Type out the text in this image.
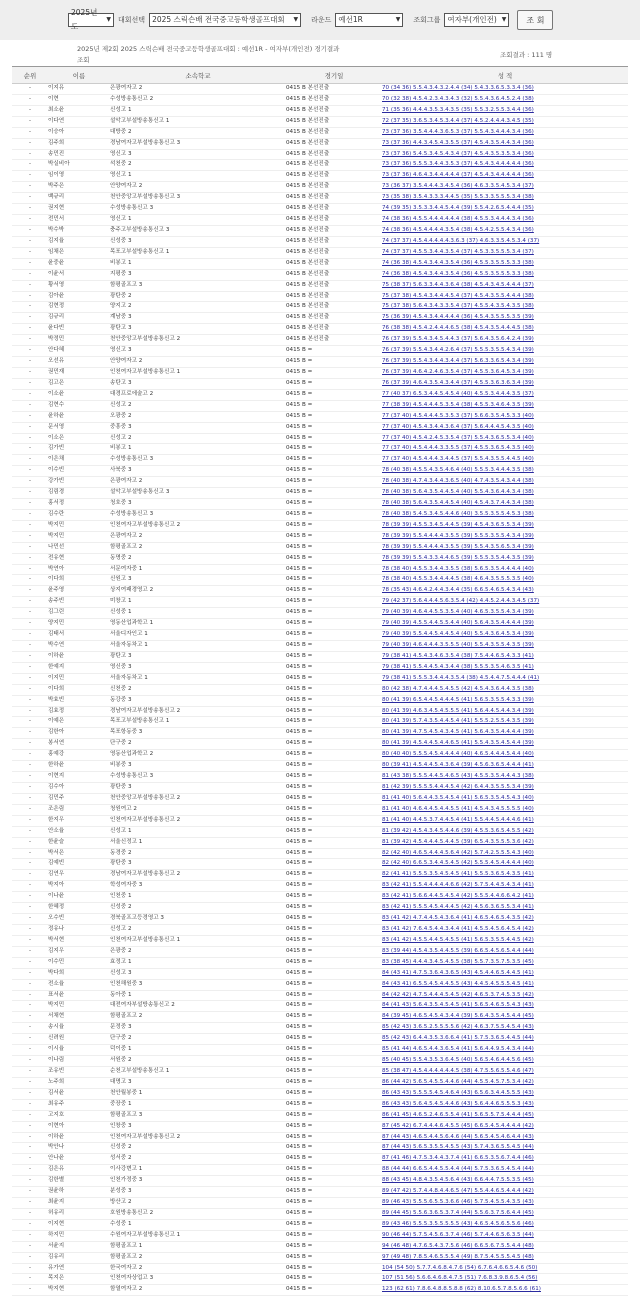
2025년도
▼ 대회선택 2025 스릭슨배 전국중고등학생골프대회 ▼ 라운드 예선1R	▼ 조회그룹 여자부(개인전) ▼	조 회
2025년 제2회 2025 스릭슨배 전국중고등학생골프대회 : 예선1R - 여자부(개인전) 경기결과
조회
조회결과 : 111 명
순위	이름	소속학교	경기일	성 적
-	이지유	은광여자고 2	0415 B 본선진출	70 (34 36) 5.5.4.3.4.3.2.4.4 (34) 5.4.3.3.6.5.3.3.4 (36)
-	이현	수성방송통신고 2	0415 B 본선진출	70 (32 38) 4.5.4.2.3.4.3.4.3 (32) 5.5.4.3.6.4.5.2.4 (38)
-	최소윤	신성고 1	0415 B 본선진출	71 (35 36) 4.4.4.3.5.3.4.3.5 (35) 5.5.3.2.5.5.3.4.4 (36)
-	이다연	설악고부설방송통신고 1	0415 B 본선진출	72 (37 35) 3.6.5.3.4.5.3.4.4 (37) 4.5.2.4.4.4.3.4.5 (35)
-	이승아	대방중 2	0415 B 본선진출	73 (37 36) 3.5.4.4.4.3.6.5.3 (37) 5.5.4.3.4.4.4.3.4 (36)
-	김주희	경남여자고부설방송통신고 3	0415 B 본선진출	73 (37 36) 4.4.3.4.5.4.3.5.5 (37) 4.5.4.3.5.4.4.3.4 (36)
-	송민진	영신고 3	0415 B 본선진출	73 (37 36) 5.4.5.3.4.5.4.3.4 (37) 4.5.4.3.5.3.5.3.4 (36)
-	박실비아	석천중 2	0415 B 본선진출	73 (37 36) 5.5.5.3.4.4.3.5.3 (37) 4.5.4.3.4.4.4.4.4 (36)
-	임이영	영신고 1	0415 B 본선진출	73 (37 36) 4.6.4.3.4.4.4.4.4 (37) 4.5.4.3.4.4.4.4.4 (36)
-	박주은	안양여자고 2	0415 B 본선진출	73 (36 37) 3.5.4.4.4.3.4.5.4 (36) 4.6.3.3.5.4.5.3.4 (37)
-	백규리	천안중앙고부설방송통신고 3	0415 B 본선진출	73 (35 38) 3.5.4.3.3.3.4.4.5 (35) 5.5.3.3.5.5.5.3.4 (38)
-	권지현	수성방송통신고 3	0415 B 본선진출	74 (39 35) 3.5.3.3.4.4.5.4.4 (39) 5.5.4.2.6.5.4.4.4 (35)
-	전민서	영신고 1	0415 B 본선진출	74 (38 36) 4.5.5.4.4.4.4.4.4 (38) 4.5.5.3.4.4.4.3.4 (36)
-	박수박	충주고부설방송통신고 3	0415 B 본선진출	74 (38 36) 4.5.4.4.4.4.3.5.4 (38) 4.5.4.2.5.5.4.3.4 (36)
-	김지율	신성중 3	0415 B 본선진출	74 (37 37) 4.5.4.4.4.4.4.3.6.3 (37) 4.6.3.3.5.4.5.3.4 (37)
-	임채은	목포고부설방송통신고 1	0415 B 본선진출	74 (37 37) 4.5.5.3.4.4.3.5.4 (37) 4.5.3.3.5.5.5.3.4 (37)
-	윤중윤	비봉고 1	0415 B 본선진출	74 (36 38) 4.5.4.3.4.4.3.5.4 (36) 4.5.5.3.5.5.5.3.3 (38)
-	이윤서	지평중 3	0415 B 본선진출	74 (36 38) 4.5.4.3.4.4.3.5.4 (36) 4.5.5.3.5.5.5.3.3 (38)
-	황서영	함평골프고 3	0415 B 본선진출	75 (38 37) 5.6.3.3.4.4.3.6.4 (38) 4.5.4.3.4.5.4.4.4 (37)
-	김아윤	광탄중 2	0415 B 본선진출	75 (37 38) 4.5.4.3.4.4.4.5.4 (37) 4.5.4.3.5.5.4.4.4 (38)
-	김현정	양지고 2	0415 B 본선진출	75 (37 38) 5.6.4.3.4.3.3.5.4 (37) 4.5.5.4.3.5.4.3.5 (38)
-	김규리	계남중 3	0415 B 본선진출	75 (36 39) 4.5.4.3.4.4.4.4.4 (36) 4.5.4.3.5.5.5.3.5 (39)
-	윤다빈	광탄고 3	0415 B 본선진출	76 (38 38) 4.5.4.2.4.4.4.6.5 (38) 4.5.4.3.5.4.4.4.5 (38)
-	박정민	천안중앙고부설방송통신고 2	0415 B 본선진출	76 (37 39) 5.5.4.3.4.5.4.4.3 (37) 5.6.4.3.5.6.4.2.4 (39)
-	안다혜	영신고 3	0415 B =	76 (37 39) 5.5.4.3.4.4.2.6.4 (37) 5.5.5.3.5.5.4.3.4 (39)
-	오선유	안양여자고 2	0415 B =	76 (37 39) 5.5.4.3.4.4.3.4.4 (37) 5.6.3.3.6.5.4.3.4 (39)
-	권민재	인천여자고부설방송통신고 1	0415 B =	76 (37 39) 4.6.4.2.4.6.3.5.4 (37) 4.5.5.3.6.4.5.3.4 (39)
-	김고은	송탄고 3	0415 B =	76 (37 39) 4.6.4.3.5.4.3.4.4 (37) 4.5.5.3.6.3.6.3.4 (39)
-	이소윤	대경프로에술고 2	0415 B =	77 (40 37) 6.5.3.4.4.5.4.5.4 (40) 4.5.5.3.4.4.4.3.5 (37)
-	김현수	신성고 2	0415 B =	77 (38 39) 4.5.4.4.4.5.3.5.4 (38) 4.5.5.3.4.6.4.3.5 (39)
-	윤하윤	오광중 2	0415 B =	77 (37 40) 4.5.4.4.4.5.3.5.3 (37) 5.6.6.3.5.4.5.3.3 (40)
-	문서영	중흥중 3	0415 B =	77 (37 40) 4.5.4.3.4.4.3.6.4 (37) 5.6.4.4.4.5.4.3.5 (40)
-	이소은	신성고 2	0415 B =	77 (37 40) 4.5.4.2.4.5.3.5.4 (37) 5.5.4.3.6.5.5.3.4 (40)
-	김가빈	비봉고 1	0415 B =	77 (37 40) 4.5.4.4.4.3.3.5.5 (37) 4.5.5.3.6.5.4.3.5 (40)
-	이은채	수성방송통신고 3	0415 B =	77 (37 40) 4.5.4.4.4.3.4.4.5 (37) 5.5.4.3.5.5.4.4.5 (40)
-	이수빈	사북중 3	0415 B =	78 (40 38) 4.5.5.4.3.5.4.6.4 (40) 5.5.5.3.4.4.4.3.5 (38)
-	강가빈	은광여자고 2	0415 B =	78 (40 38) 4.7.4.3.4.4.3.6.5 (40) 4.7.4.3.5.4.3.4.4 (38)
-	김림경	설악고부설방송통신고 3	0415 B =	78 (40 38) 5.6.4.3.5.4.4.5.4 (40) 5.5.4.3.6.4.4.3.4 (38)
-	홍서정	청호중 3	0415 B =	78 (40 38) 5.6.4.3.5.4.4.5.4 (40) 4.5.4.3.7.4.4.3.4 (38)
-	김수란	수성방송통신고 3	0415 B =	78 (40 38) 5.4.5.3.4.5.4.4.6 (40) 3.5.5.3.5.5.4.5.3 (38)
-	박지민	인천여자고부설방송통신고 2	0415 B =	78 (39 39) 4.5.5.3.4.5.4.4.5 (39) 4.5.4.3.6.5.5.3.4 (39)
-	박지민	은광여자고 2	0415 B =	78 (39 39) 5.5.4.4.4.4.3.5.5 (39) 5.5.5.3.5.5.4.3.4 (39)
-	나민선	함평골프고 2	0415 B =	78 (39 39) 5.5.4.4.4.4.3.5.5 (39) 5.5.4.3.5.6.5.3.4 (39)
-	전유현	동명중 2	0415 B =	78 (39 39) 5.5.4.3.3.4.4.6.5 (39) 5.5.5.3.5.4.4.3.5 (39)
-	박연아	서문여자중 1	0415 B =	78 (38 40) 4.5.5.3.4.4.3.5.5 (38) 5.6.5.3.5.4.4.4.4 (40)
-	이다희	신원고 3	0415 B =	78 (38 40) 4.5.5.3.4.4.4.4.5 (38) 4.6.4.3.5.5.5.3.5 (40)
-	윤주영	상지여패경영고 2	0415 B =	78 (35 43) 4.6.4.2.4.4.3.4.4 (35) 6.6.5.4.6.5.4.3.4 (43)
-	송주빈	미창고 1	0415 B =	79 (42 37) 5.6.4.4.4.5.6.3.5.4 (42) 4.4.5.2.4.4.3.4.5 (37)
-	김그린	신성중 1	0415 B =	79 (40 39) 4.6.4.4.5.5.3.5.4 (40) 4.6.5.3.5.5.4.3.4 (39)
-	양지민	영동산업과학고 1	0415 B =	79 (40 39) 4.5.5.4.4.5.5.4.4 (40) 5.6.4.3.5.4.4.4.4 (39)
-	김태서	서울디자인고 1	0415 B =	79 (40 39) 5.5.4.4.5.4.4.5.4 (40) 5.5.4.3.6.4.5.3.4 (39)
-	박수연	서울자동차고 1	0415 B =	79 (40 39) 4.6.4.4.4.3.5.5.5 (40) 5.5.4.3.5.5.4.3.5 (39)
-	이하윤	광탄고 3	0415 B =	79 (38 41) 4.5.4.3.4.6.3.5.4 (38) 7.5.4.4.6.5.4.3.3 (41)
-	한예지	영신중 3	0415 B =	79 (38 41) 5.5.4.4.5.4.3.4.4 (38) 5.5.5.3.5.4.6.3.5 (41)
-	이지민	서울자동차고 1	0415 B =	79 (38 41) 5.5.5.3.4.4.4.3.5.4 (38) 4.5.4.4.7.5.4.4.4 (41)
-	이다희	신천중 2	0415 B =	80 (42 38) 4.7.4.4.4.5.4.5.5 (42) 4.5.4.3.6.4.4.3.5 (38)
-	박효빈	동강중 3	0415 B =	80 (41 39) 6.5.4.4.5.4.4.4.5 (41) 5.6.5.3.5.5.4.3.3 (39)
-	김효정	경남여자고부설방송통신고 2	0415 B =	80 (41 39) 4.6.3.4.5.4.5.5.5 (41) 5.6.4.4.5.4.4.3.4 (39)
-	이예은	목포고부설방송통신고 1	0415 B =	80 (41 39) 5.7.4.3.5.4.4.5.4 (41) 5.5.5.2.5.5.4.3.5 (39)
-	김한아	목포항동중 3	0415 B =	80 (41 39) 4.7.5.4.5.4.3.4.5 (41) 5.6.4.3.5.4.4.4.4 (39)
-	봉서연	단구중 2	0415 B =	80 (41 39) 4.5.4.4.5.4.4.6.5 (41) 5.5.4.3.5.4.5.4.4 (39)
-	홍예강	영동산업과학고 2	0415 B =	80 (40 40) 5.5.5.4.5.4.4.4.4 (40) 4.6.5.4.4.4.5.4.4 (40)
-	한하윤	비봉중 3	0415 B =	80 (39 41) 4.5.4.4.5.4.3.6.4 (39) 4.5.6.3.6.5.4.4.4 (41)
-	이현지	수성방송통신고 3	0415 B =	81 (43 38) 5.5.5.4.4.5.4.6.5 (43) 4.5.5.3.5.4.4.4.3 (38)
-	김수아	광탄중 3	0415 B =	81 (42 39) 5.5.5.5.4.4.4.5.4 (42) 6.4.4.3.5.5.5.3.4 (39)
-	김민주	천안중앙고부설방송통신고 2	0415 B =	81 (41 40) 5.6.4.4.3.5.4.5.4 (41) 5.6.5.3.5.4.5.4.3 (40)
-	조은림	청원여고 2	0415 B =	81 (41 40) 4.6.4.4.5.4.4.5.5 (41) 4.5.4.3.4.5.5.5.5 (40)
-	한지우	인천여자고부설방송통신고 2	0415 B =	81 (41 40) 4.4.5.3.7.4.4.5.4 (41) 5.5.4.4.5.4.4.4.6 (41)
-	안소율	신성고 1	0415 B =	81 (39 42) 4.5.4.3.4.5.4.4.6 (39) 4.5.5.3.6.5.4.5.5 (42)
-	한윤슬	서울신정고 1	0415 B =	81 (39 42) 4.5.4.4.4.5.4.4.5 (39) 6.5.4.3.5.5.5.3.6 (42)
-	박서은	동경중 2	0415 B =	82 (42 40) 4.6.5.4.4.4.5.6.4 (42) 5.7.4.2.5.5.5.4.3 (40)
-	김예빈	광탄중 3	0415 B =	82 (42 40) 6.6.5.3.4.4.5.4.5 (42) 5.5.5.4.5.4.4.4.4 (40)
-	김연우	경남여자고부설방송통신고 2	0415 B =	82 (41 41) 5.5.5.3.5.4.5.4.5 (41) 5.5.5.3.6.5.4.3.5 (41)
-	박지아	학성여자중 3	0415 B =	83 (42 41) 5.5.4.4.4.4.4.6.6 (42) 5.7.5.4.4.5.4.3.4 (41)
-	이나윤	인천중 1	0415 B =	83 (42 41) 5.6.6.4.4.5.4.5.4 (42) 5.5.5.4.4.6.6.4.2 (41)
-	한혜정	신성중 2	0415 B =	83 (42 41) 5.5.5.4.5.4.4.4.5 (42) 4.5.6.3.6.5.5.3.4 (41)
-	오수빈	경북골프고등경영고 3	0415 B =	83 (41 42) 4.7.4.4.5.4.3.6.4 (41) 4.6.5.4.6.5.4.3.5 (42)
-	정유나	신성고 2	0415 B =	83 (41 42) 7.6.4.5.4.4.3.4.4 (41) 4.5.5.4.5.6.4.5.4 (42)
-	박서현	인천여자고부설방송통신고 1	0415 B =	83 (41 42) 4.5.5.4.4.5.4.5.5 (41) 5.6.5.3.5.5.4.4.5 (42)
-	김지우	은광중 2	0415 B =	83 (39 44) 4.5.4.3.5.4.4.5.5 (39) 6.6.5.4.5.6.5.4.4 (44)
-	이수민	효정고 1	0415 B =	83 (38 45) 4.4.4.3.4.5.4.5.5 (38) 5.5.7.3.5.7.5.3.5 (45)
-	박다희	신성고 3	0415 B =	84 (43 41) 4.7.5.3.6.4.3.6.5 (43) 4.5.4.4.6.5.4.4.5 (41)
-	전소율	인천해원중 3	0415 B =	84 (43 41) 6.5.5.4.5.4.4.5.5 (43) 4.4.5.4.5.5.5.4.5 (41)
-	표서윤	동아중 1	0415 B =	84 (42 42) 4.7.5.4.4.4.5.4.5 (42) 4.6.5.3.7.4.5.3.5 (42)
-	박지민	대전여자부설방송통신고 2	0415 B =	84 (41 43) 5.6.4.3.5.4.5.4.5 (41) 5.6.5.4.6.5.5.4.3 (43)
-	서채현	함평골프고 2	0415 B =	84 (39 45) 4.6.5.4.5.4.3.4.4 (39) 5.6.4.3.5.4.5.4.4 (45)
-	송시율	문정중 3	0415 B =	85 (42 43) 3.6.5.2.5.5.5.5.6 (42) 4.6.3.7.5.5.4.5.4 (43)
-	신려원	단구중 2	0415 B =	85 (42 43) 6.4.4.3.5.3.6.6.4 (41) 5.7.5.3.6.5.4.4.5 (44)
-	이시율	덕이중 1	0415 B =	85 (41 44) 4.6.5.4.4.3.6.5.4 (41) 5.6.4.4.9.5.4.3.4 (44)
-	이나림	서원중 2	0415 B =	85 (40 45) 5.5.4.3.5.3.6.4.5 (40) 5.6.5.4.6.4.4.5.6 (45)
-	조유빈	순천고부설방송통신고 1	0415 B =	85 (38 47) 4.5.4.4.4.4.4.4.5 (38) 4.7.5.5.6.5.5.4.6 (47)
-	노주희	대명고 3	0415 B =	86 (44 42) 5.6.5.4.5.5.4.4.6 (44) 4.5.5.4.5.7.5.3.4 (42)
-	김서윤	천안월봉중 1	0415 B =	86 (43 43) 5.5.5.5.4.5.4.6.4 (43) 6.5.6.3.4.4.5.5.5 (43)
-	최유주	중장중 1	0415 B =	86 (43 43) 5.6.4.5.4.5.4.4.6 (43) 5.6.4.4.6.5.5.5.3 (43)
-	고지호	함평골프고 3	0415 B =	86 (41 45) 4.6.5.2.4.6.5.5.4 (41) 5.6.5.5.7.5.4.4.4 (45)
-	이현아	인창중 3	0415 B =	87 (45 42) 6.7.4.4.4.6.4.5.5 (45) 6.6.5.4.5.4.4.4.4 (42)
-	이하윤	인천여자고부설방송통신고 2	0415 B =	87 (44 43) 4.6.5.4.4.5.6.4.6 (44) 5.6.5.4.5.4.6.4.4 (43)
-	박안나	신성중 2	0415 B =	87 (44 43) 5.6.5.3.5.5.4.5.5 (43) 5.7.4.3.6.5.5.4.5 (44)
-	안나윤	성서중 2	0415 B =	87 (41 46) 4.7.5.3.4.4.3.7.4 (41) 6.6.5.3.5.6.7.4.4 (46)
-	김은유	이사강변고 1	0415 B =	88 (44 44) 6.6.5.4.4.5.5.4.4 (44) 5.7.5.3.6.5.4.5.4 (44)
-	김한별	인천가정중 3	0415 B =	88 (43 45) 4.8.4.3.5.4.5.6.4 (43) 6.6.4.4.7.5.5.3.5 (45)
-	권윤하	분성중 3	0415 B =	89 (47 42) 5.7.4.4.8.4.4.6.5 (47) 5.5.4.4.6.5.4.4.4 (42)
-	최윤지	방산고 2	0415 B =	89 (46 43) 5.5.5.6.5.5.3.6.6 (46) 5.7.5.4.5.5.4.3.5 (43)
-	허유리	호원방송통신고 2	0415 B =	89 (44 45) 5.5.6.3.6.5.3.7.4 (44) 5.5.6.3.7.5.6.4.4 (45)
-	이지현	수성중 1	0415 B =	89 (43 46) 5.5.5.3.5.5.5.5.5 (43) 4.6.5.4.5.6.5.5.6 (46)
-	하지민	수원여자고부설방송통신고 1	0415 B =	90 (46 44) 5.7.5.4.5.6.3.7.4 (46) 5.7.4.4.6.5.6.3.5 (44)
-	서윤지	함평골프고 1	0415 B =	94 (46 48) 4.7.6.5.4.3.7.5.6 (46) 6.6.5.6.7.5.5.4.4 (48)
-	김유리	함평골프고 2	0415 B =	97 (49 48) 7.8.5.4.6.5.5.5.4 (49) 8.7.5.4.5.5.5.4.5 (48)
-	유가연	한국여자고 2	0415 B =	104 (54 50) 5.7.7.4.6.8.4.7.6 (54) 6.7.6.4.6.6.5.4.6 (50)
-	목지은	인천여자상업고 3	0415 B =	107 (51 56) 5.6.6.4.6.8.4.7.5 (51) 7.6.8.3.9.8.6.5.4 (56)
-	박지현	함열여자고 2	0415 B =	123 (62 61) 7.8.6.4.8.8.5.8.8 (62) 8.10.6.5.7.8.5.6.6 (61)
